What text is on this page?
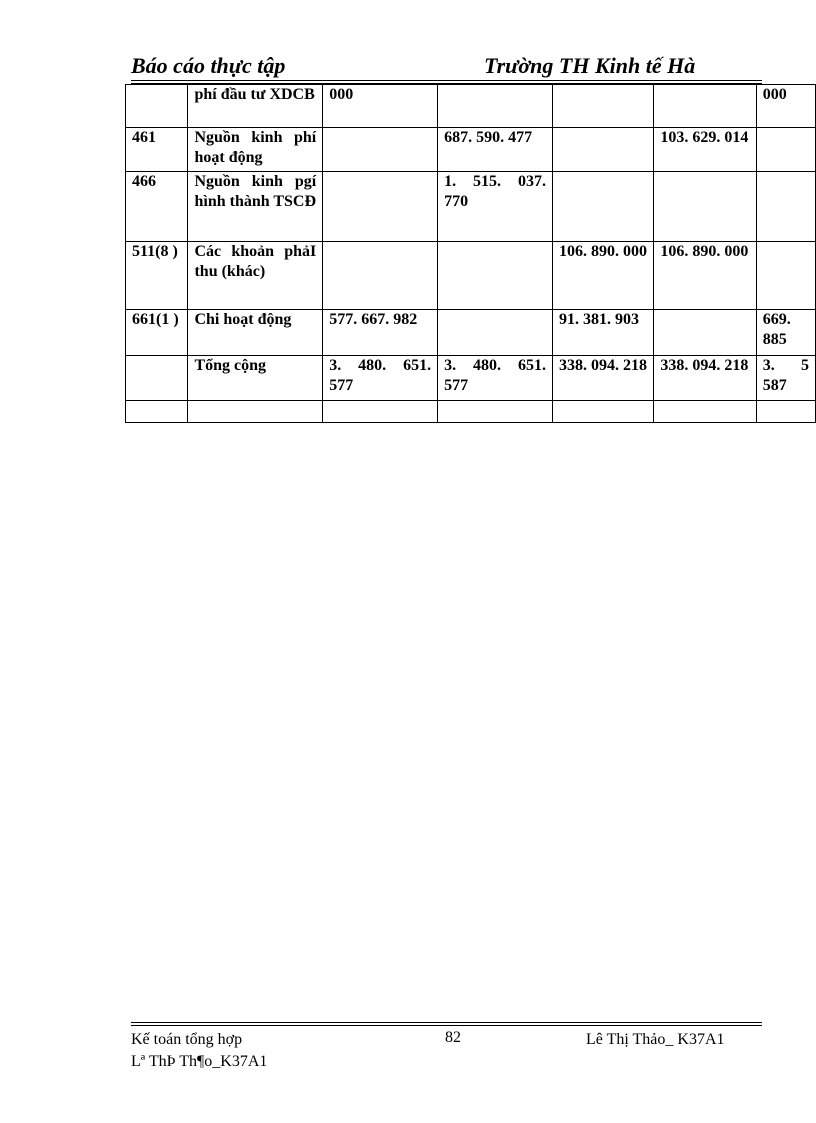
Báo cáo thực tập	Trường TH Kinh tế Hà
	phí đầu tư XDCB	000				000
461	Nguồn kinh phí hoạt động		687. 590. 477		103. 629. 014	
466	Nguồn kinh pgí hình thành TSCĐ		1. 515. 037. 770			
511(8 )	Các khoản phảI thu (khác)			106. 890. 000	106. 890. 000	
661(1 )	Chi hoạt động	577. 667. 982		91. 381. 903		669. 885
	Tổng cộng	3. 480. 651. 577	3. 480. 651. 577	338. 094. 218	338. 094. 218	3. 5 587

Kế toán tổng hợp	82	Lê Thị Thảo_ K37A1
Lª ThÞ Th¶o_K37A1
